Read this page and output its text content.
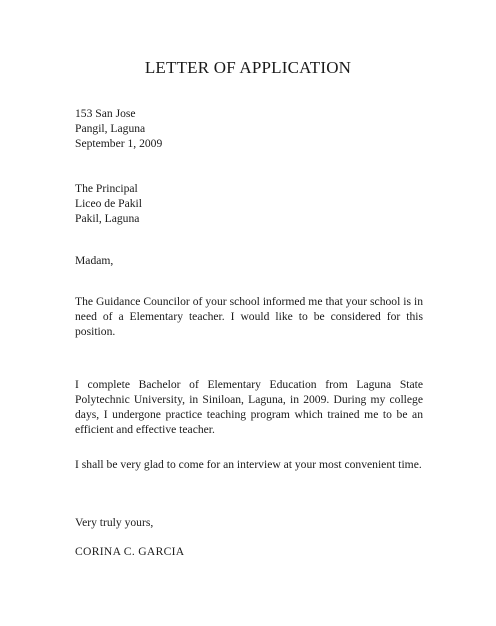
LETTER OF APPLICATION
153 San Jose
Pangil, Laguna
September 1, 2009
The Principal
Liceo de Pakil
Pakil, Laguna
Madam,
The Guidance Councilor of your school informed me that your school is in need of a Elementary teacher. I would like to be considered for this position.
I complete Bachelor of Elementary Education from Laguna State Polytechnic University, in Siniloan, Laguna, in 2009. During my college days, I undergone practice teaching program which trained me to be an efficient and effective teacher.
I shall be very glad to come for an interview at your most convenient time.
Very truly yours,
CORINA C. GARCIA
